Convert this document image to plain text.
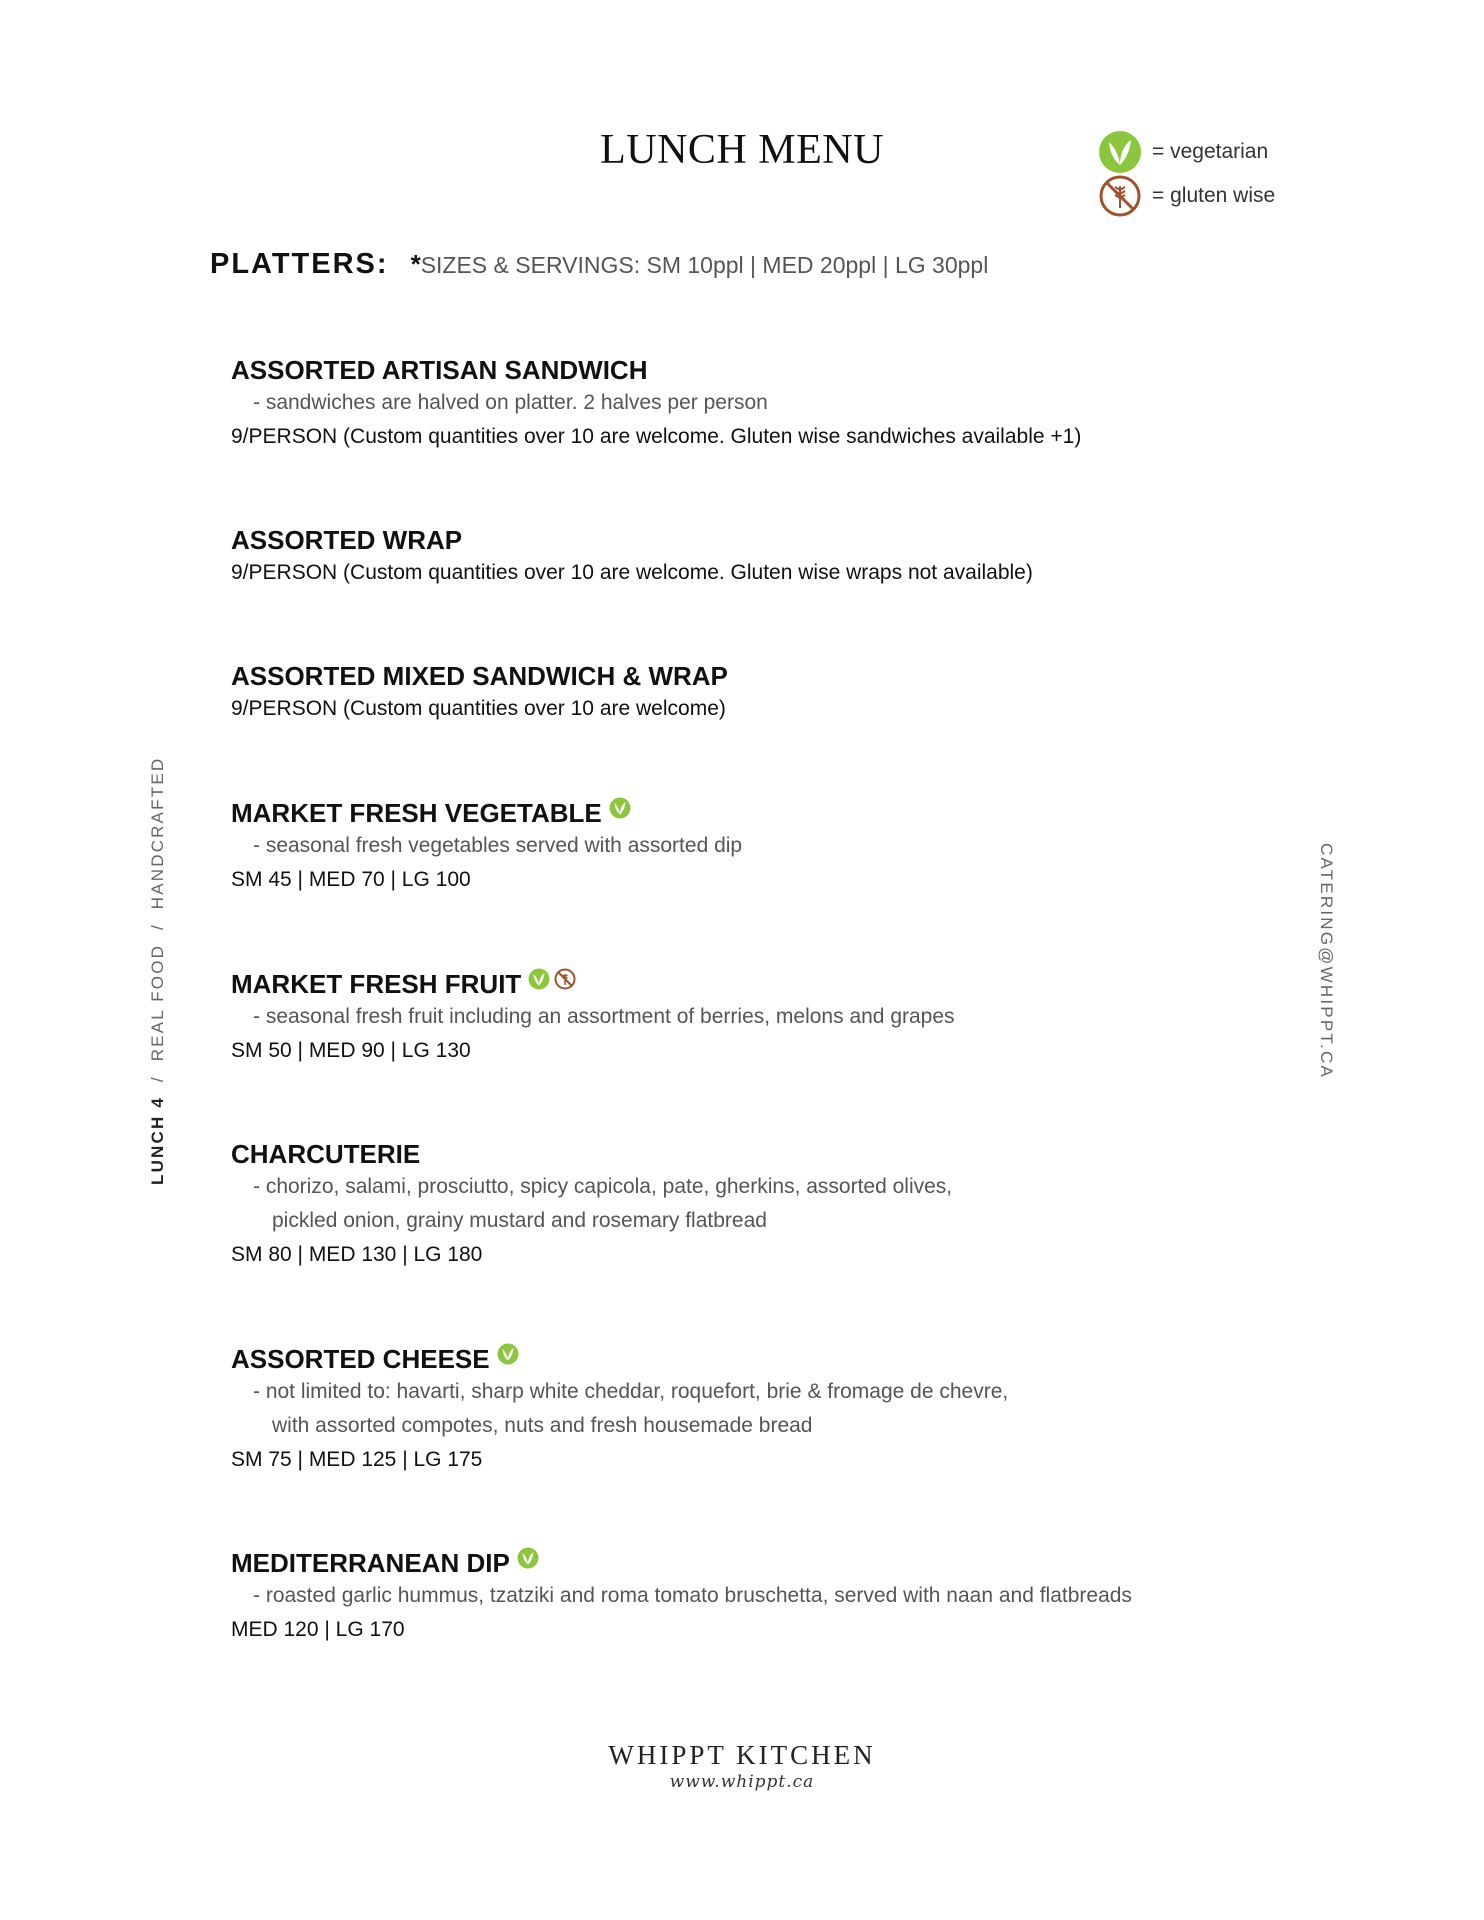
LUNCH MENU	= vegetarian
= gluten wise
PLATTERS: *SIZES & SERVINGS: SM 10ppl | MED 20ppl | LG 30ppl
ASSORTED ARTISAN SANDWICH
- sandwiches are halved on platter. 2 halves per person
9/PERSON (Custom quantities over 10 are welcome. Gluten wise sandwiches available +1)
ASSORTED WRAP
9/PERSON (Custom quantities over 10 are welcome. Gluten wise wraps not available)
ASSORTED MIXED SANDWICH & WRAP
9/PERSON (Custom quantities over 10 are welcome)
MARKET FRESH VEGETABLE
- seasonal fresh vegetables served with assorted dip
SM 45 | MED 70 | LG 100
MARKET FRESH FRUIT
- seasonal fresh fruit including an assortment of berries, melons and grapes
SM 50 | MED 90 | LG 130
CHARCUTERIE
- chorizo, salami, prosciutto, spicy capicola, pate, gherkins, assorted olives,
pickled onion, grainy mustard and rosemary flatbread
SM 80 | MED 130 | LG 180
ASSORTED CHEESE
- not limited to: havarti, sharp white cheddar, roquefort, brie & fromage de chevre,
with assorted compotes, nuts and fresh housemade bread
SM 75 | MED 125 | LG 175
MEDITERRANEAN DIP
- roasted garlic hummus, tzatziki and roma tomato bruschetta, served with naan and flatbreads
MED 120 | LG 170
LUNCH 4  /  REAL FOOD  /  HANDCRAFTED	CATERING@WHIPPT.CA
WHIPPT KITCHEN
www.whippt.ca
